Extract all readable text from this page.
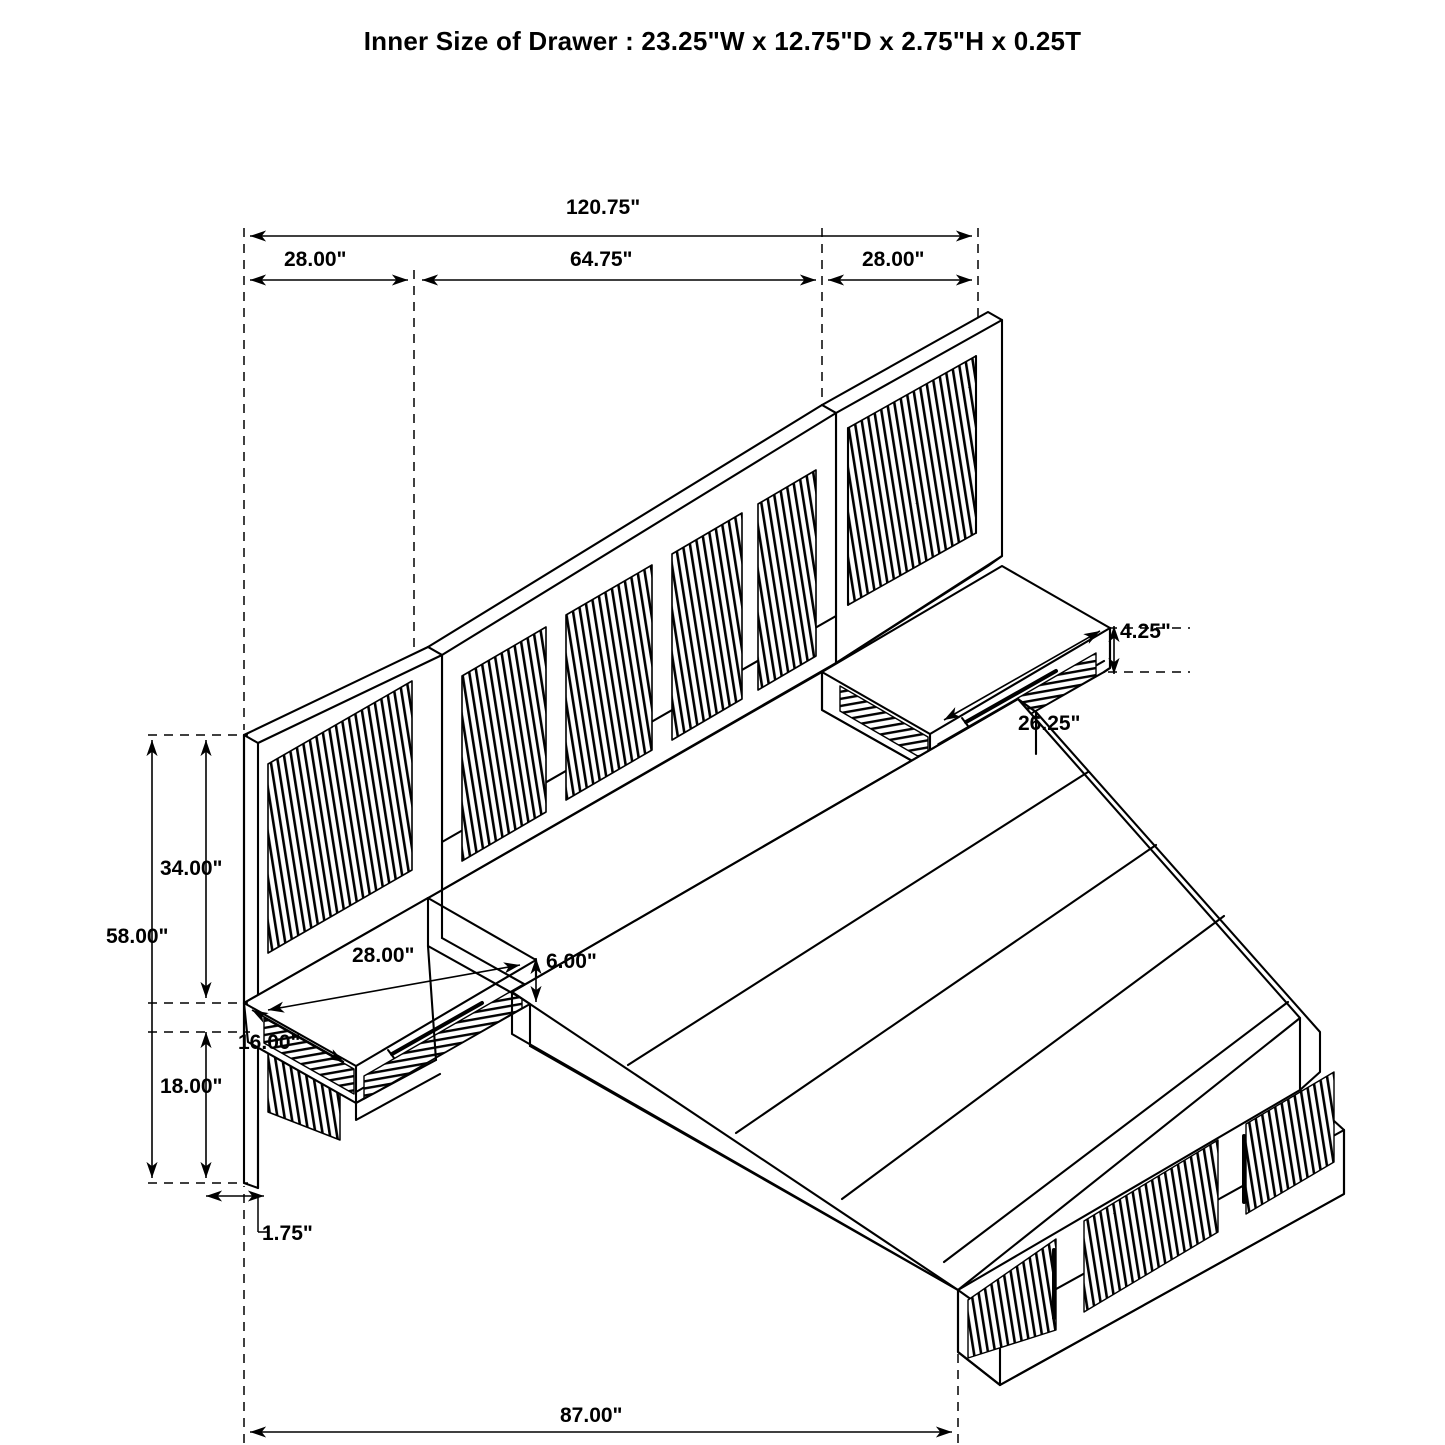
Inner Size of Drawer : 23.25"W x 12.75"D x 2.75"H x 0.25T
120.75"
28.00"	64.75"	28.00"
4.25"
26.25"
34.00"
58.00"
28.00"	6.00"
16.00"
18.00"
1.75"
87.00"
